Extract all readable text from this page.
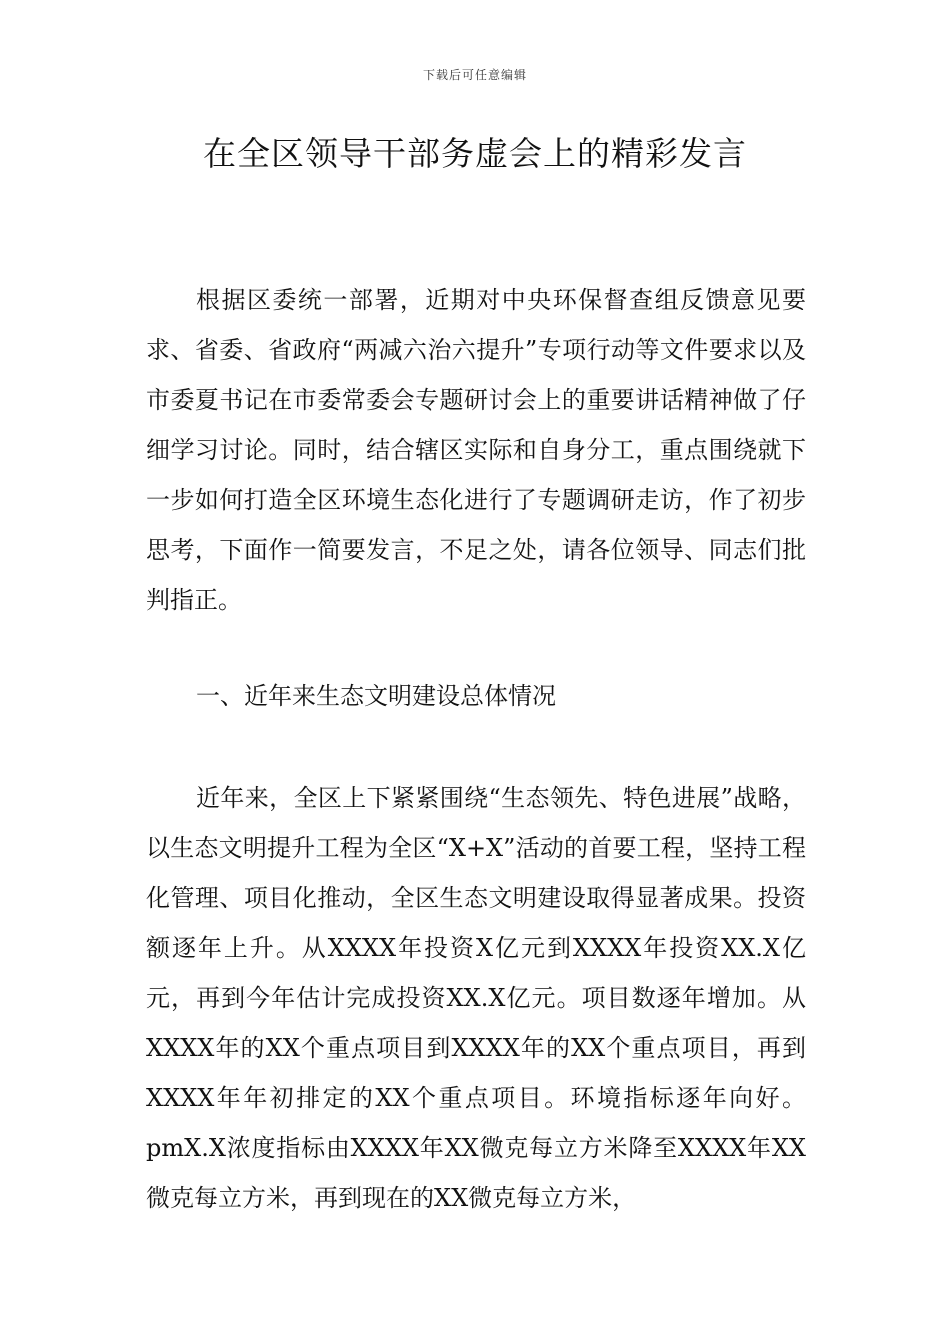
下载后可任意编辑
在全区领导干部务虚会上的精彩发言

根据区委统一部署，近期对中央环保督查组反馈意见要求、省委、省政府“两减六治六提升”专项行动等文件要求以及市委夏书记在市委常委会专题研讨会上的重要讲话精神做了仔细学习讨论。同时，结合辖区实际和自身分工，重点围绕就下一步如何打造全区环境生态化进行了专题调研走访，作了初步思考，下面作一简要发言，不足之处，请各位领导、同志们批判指正。

一、近年来生态文明建设总体情况

近年来，全区上下紧紧围绕“生态领先、特色进展”战略，以生态文明提升工程为全区“X+X”活动的首要工程，坚持工程化管理、项目化推动，全区生态文明建设取得显著成果。投资额逐年上升。从XXXX年投资X亿元到XXXX年投资XX.X亿元，再到今年估计完成投资XX.X亿元。项目数逐年增加。从XXXX年的XX个重点项目到XXXX年的XX个重点项目，再到XXXX年年初排定的XX个重点项目。环境指标逐年向好。pmX.X浓度指标由XXXX年XX微克每立方米降至XXXX年XX微克每立方米，再到现在的XX微克每立方米，
